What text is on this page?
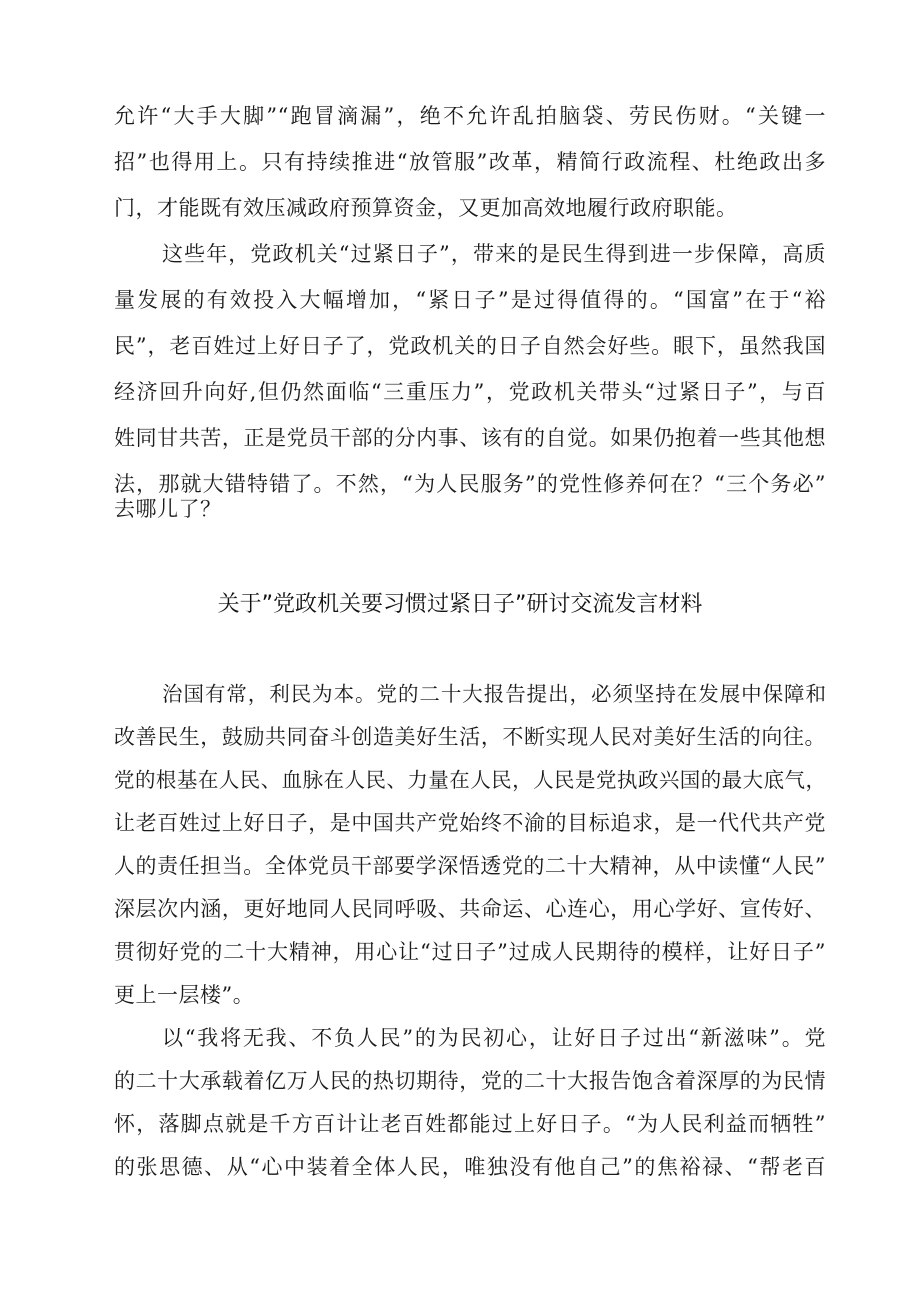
允许“大手大脚”“跑冒滴漏”，绝不允许乱拍脑袋、劳民伤财。“关键一
招”也得用上。只有持续推进“放管服”改革，精简行政流程、杜绝政出多
门，才能既有效压减政府预算资金，又更加高效地履行政府职能。
这些年，党政机关“过紧日子”，带来的是民生得到进一步保障，高质
量发展的有效投入大幅增加，“紧日子”是过得值得的。“国富”在于“裕
民”，老百姓过上好日子了，党政机关的日子自然会好些。眼下，虽然我国
经济回升向好,但仍然面临“三重压力”，党政机关带头“过紧日子”，与百
姓同甘共苦，正是党员干部的分内事、该有的自觉。如果仍抱着一些其他想
法，那就大错特错了。不然，“为人民服务”的党性修养何在？“三个务必”
去哪儿了？
关于”党政机关要习惯过紧日子”研讨交流发言材料
治国有常，利民为本。党的二十大报告提出，必须坚持在发展中保障和
改善民生，鼓励共同奋斗创造美好生活，不断实现人民对美好生活的向往。
党的根基在人民、血脉在人民、力量在人民，人民是党执政兴国的最大底气，
让老百姓过上好日子，是中国共产党始终不渝的目标追求，是一代代共产党
人的责任担当。全体党员干部要学深悟透党的二十大精神，从中读懂“人民”
深层次内涵，更好地同人民同呼吸、共命运、心连心，用心学好、宣传好、
贯彻好党的二十大精神，用心让“过日子”过成人民期待的模样，让好日子”
更上一层楼”。
以“我将无我、不负人民”的为民初心，让好日子过出“新滋味”。党
的二十大承载着亿万人民的热切期待，党的二十大报告饱含着深厚的为民情
怀，落脚点就是千方百计让老百姓都能过上好日子。“为人民利益而牺牲”
的张思德、从“心中装着全体人民，唯独没有他自己”的焦裕禄、“帮老百
